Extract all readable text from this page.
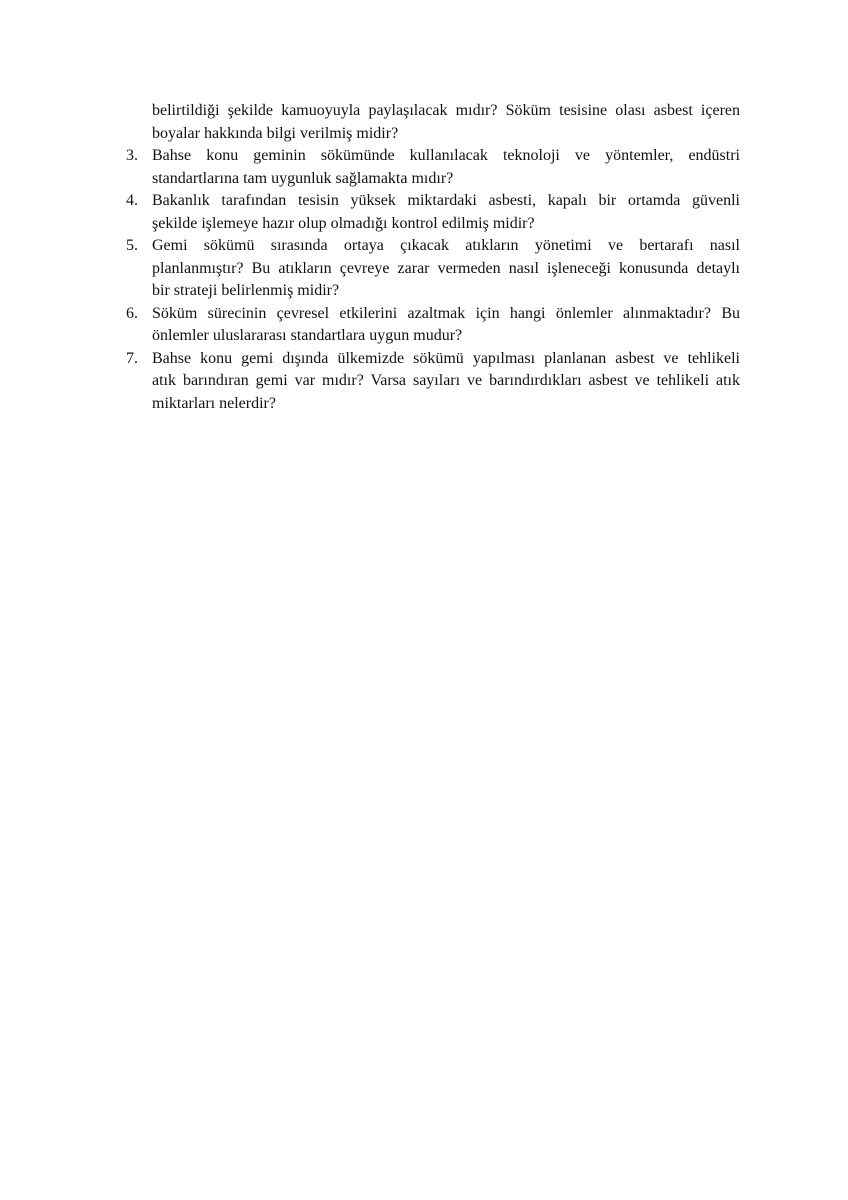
belirtildiği şekilde kamuoyuyla paylaşılacak mıdır? Söküm tesisine olası asbest içeren
boyalar hakkında bilgi verilmiş midir?
3. Bahse konu geminin sökümünde kullanılacak teknoloji ve yöntemler, endüstri
standartlarına tam uygunluk sağlamakta mıdır?
4. Bakanlık tarafından tesisin yüksek miktardaki asbesti, kapalı bir ortamda güvenli
şekilde işlemeye hazır olup olmadığı kontrol edilmiş midir?
5. Gemi sökümü sırasında ortaya çıkacak atıkların yönetimi ve bertarafı nasıl
planlanmıştır? Bu atıkların çevreye zarar vermeden nasıl işleneceği konusunda detaylı
bir strateji belirlenmiş midir?
6. Söküm sürecinin çevresel etkilerini azaltmak için hangi önlemler alınmaktadır? Bu
önlemler uluslararası standartlara uygun mudur?
7. Bahse konu gemi dışında ülkemizde sökümü yapılması planlanan asbest ve tehlikeli
atık barındıran gemi var mıdır? Varsa sayıları ve barındırdıkları asbest ve tehlikeli atık
miktarları nelerdir?
